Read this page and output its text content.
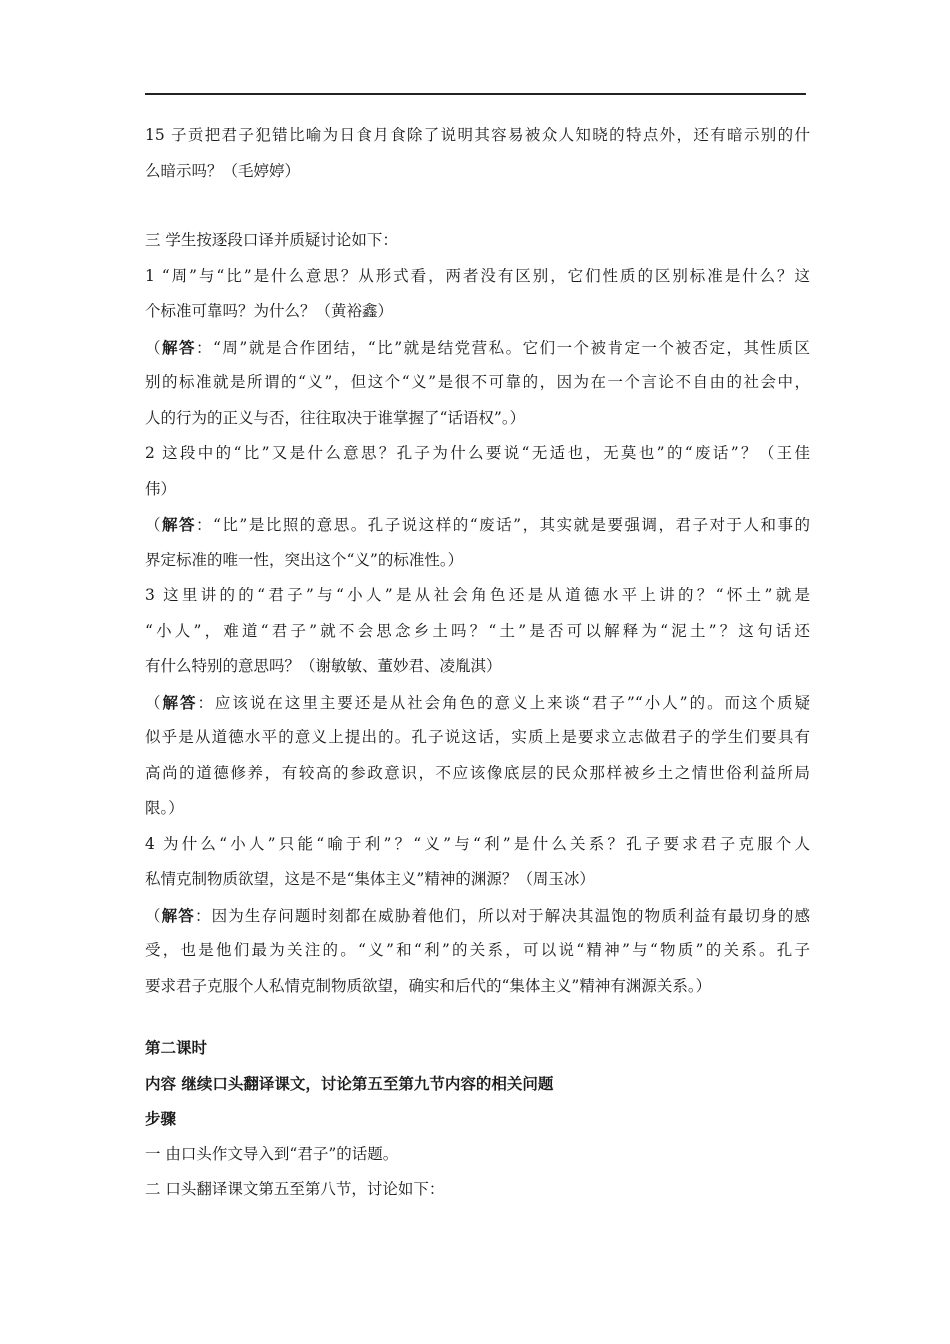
15 子贡把君子犯错比喻为日食月食除了说明其容易被众人知晓的特点外，还有暗示别的什
么暗示吗？（毛婷婷）
三 学生按逐段口译并质疑讨论如下：
1 “周”与“比”是什么意思？从形式看，两者没有区别，它们性质的区别标准是什么？这
个标准可靠吗？为什么？（黄裕鑫）
（解答：“周”就是合作团结，“比”就是结党营私。它们一个被肯定一个被否定，其性质区
别的标准就是所谓的“义”，但这个“义”是很不可靠的，因为在一个言论不自由的社会中，
人的行为的正义与否，往往取决于谁掌握了“话语权”。）
2 这段中的“比”又是什么意思？孔子为什么要说“无适也，无莫也”的“废话”？（王佳
伟）
（解答：“比”是比照的意思。孔子说这样的“废话”，其实就是要强调，君子对于人和事的
界定标准的唯一性，突出这个“义”的标准性。）
3 这里讲的的“君子”与“小人”是从社会角色还是从道德水平上讲的？“怀土”就是
“小人”，难道“君子”就不会思念乡土吗？“土”是否可以解释为“泥土”？这句话还
有什么特别的意思吗？（谢敏敏、董妙君、凌胤淇）
（解答：应该说在这里主要还是从社会角色的意义上来谈“君子”“小人”的。而这个质疑
似乎是从道德水平的意义上提出的。孔子说这话，实质上是要求立志做君子的学生们要具有
高尚的道德修养，有较高的参政意识，不应该像底层的民众那样被乡土之情世俗利益所局
限。）
4 为什么“小人”只能“喻于利”？“义”与“利”是什么关系？孔子要求君子克服个人
私情克制物质欲望，这是不是“集体主义”精神的渊源？（周玉冰）
（解答：因为生存问题时刻都在威胁着他们，所以对于解决其温饱的物质利益有最切身的感
受，也是他们最为关注的。“义”和“利”的关系，可以说“精神”与“物质”的关系。孔子
要求君子克服个人私情克制物质欲望，确实和后代的“集体主义”精神有渊源关系。）
第二课时
内容 继续口头翻译课文，讨论第五至第九节内容的相关问题
步骤
一 由口头作文导入到“君子”的话题。
二 口头翻译课文第五至第八节，讨论如下：
